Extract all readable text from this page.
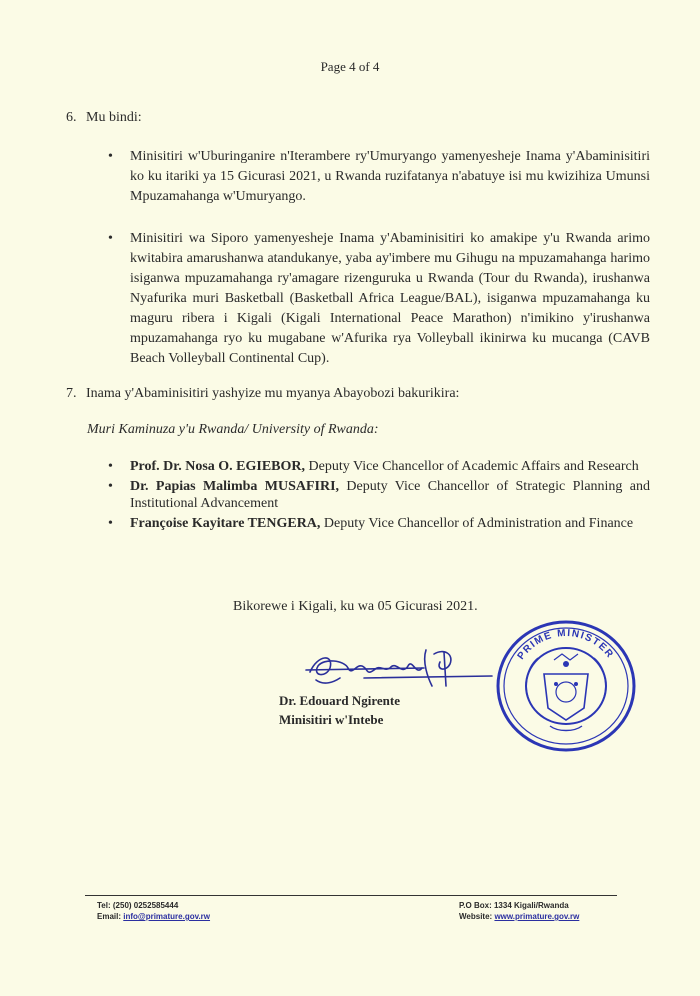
Page 4 of 4
6. Mu bindi:

• Minisitiri w'Uburinganire n'Iterambere ry'Umuryango yamenyesheje Inama y'Abaminisitiri ko ku itariki ya 15 Gicurasi 2021, u Rwanda ruzifatanya n'abatuye isi mu kwizihiza Umunsi Mpuzamahanga w'Umuryango.

• Minisitiri wa Siporo yamenyesheje Inama y'Abaminisitiri ko amakipe y'u Rwanda arimo kwitabira amarushanwa atandukanye, yaba ay'imbere mu Gihugu na mpuzamahanga harimo isiganwa mpuzamahanga ry'amagare rizenguruka u Rwanda (Tour du Rwanda), irushanwa Nyafurika muri Basketball (Basketball Africa League/BAL), isiganwa mpuzamahanga ku maguru ribera i Kigali (Kigali International Peace Marathon) n'imikino y'irushanwa mpuzamahanga ryo ku mugabane w'Afurika rya Volleyball ikinirwa ku mucanga (CAVB Beach Volleyball Continental Cup).

7. Inama y'Abaminisitiri yashyize mu myanya Abayobozi bakurikira:
Muri Kaminuza y'u Rwanda/ University of Rwanda:

• Prof. Dr. Nosa O. EGIEBOR, Deputy Vice Chancellor of Academic Affairs and Research

• Dr. Papias Malimba MUSAFIRI, Deputy Vice Chancellor of Strategic Planning and Institutional Advancement

• Françoise Kayitare TENGERA, Deputy Vice Chancellor of Administration and Finance

Bikorewe i Kigali, ku wa 05 Gicurasi 2021.
Dr. Edouard Ngirente
Minisitiri w'Intebe
PRIME MINISTER
Tel: (250) 0252585444
Email: info@primature.gov.rw
P.O Box: 1334 Kigali/Rwanda
Website: www.primature.gov.rw
